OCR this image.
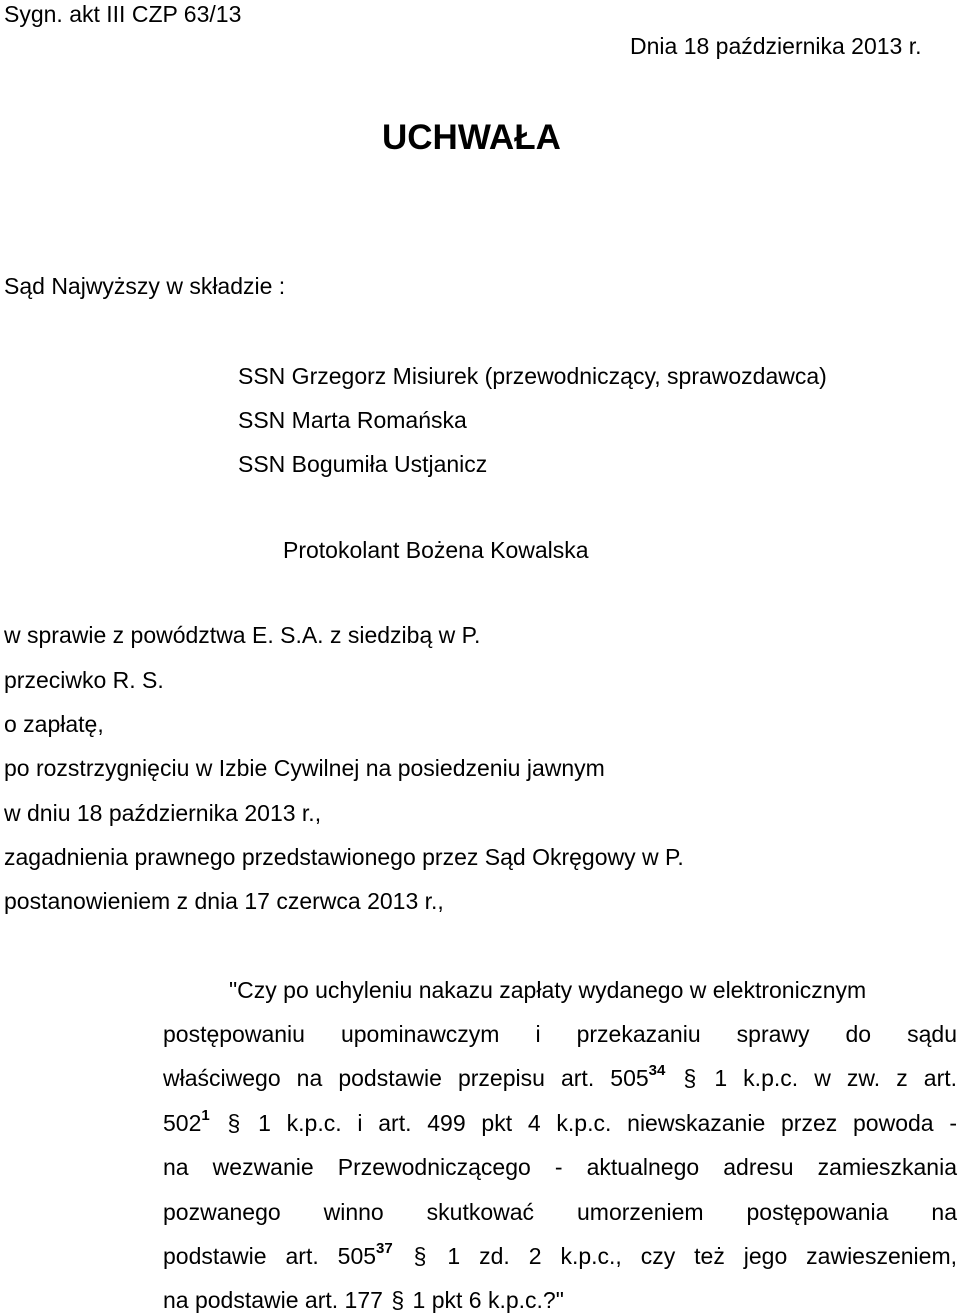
Sygn. akt III CZP 63/13
UCHWAŁA
Dnia 18 października 2013 r.
Sąd Najwyższy w składzie :
SSN Grzegorz Misiurek (przewodniczący, sprawozdawca)
SSN Marta Romańska
SSN Bogumiła Ustjanicz
Protokolant Bożena Kowalska
w sprawie z powództwa E. S.A. z siedzibą w P.
przeciwko R. S.
o zapłatę,
po rozstrzygnięciu w Izbie Cywilnej na posiedzeniu jawnym
w dniu 18 października 2013 r.,
zagadnienia prawnego przedstawionego przez Sąd Okręgowy w P.
postanowieniem z dnia 17 czerwca 2013 r.,
"Czy po uchyleniu nakazu zapłaty wydanego w elektronicznym
postępowaniu upominawczym i przekazaniu sprawy do sądu
właściwego na podstawie przepisu art. $505^{34}$ § 1 k.p.c. w zw. z art.
$502^1$ § 1 k.p.c. i art. 499 pkt 4 k.p.c. niewskazanie przez powoda -
na wezwanie Przewodniczącego - aktualnego adresu zamieszkania
pozwanego winno skutkować umorzeniem postępowania na
podstawie art. $505^{37}$ § 1 zd. 2 k.p.c., czy też jego zawieszeniem,
na podstawie art. 177 § 1 pkt 6 k.p.c.?"
